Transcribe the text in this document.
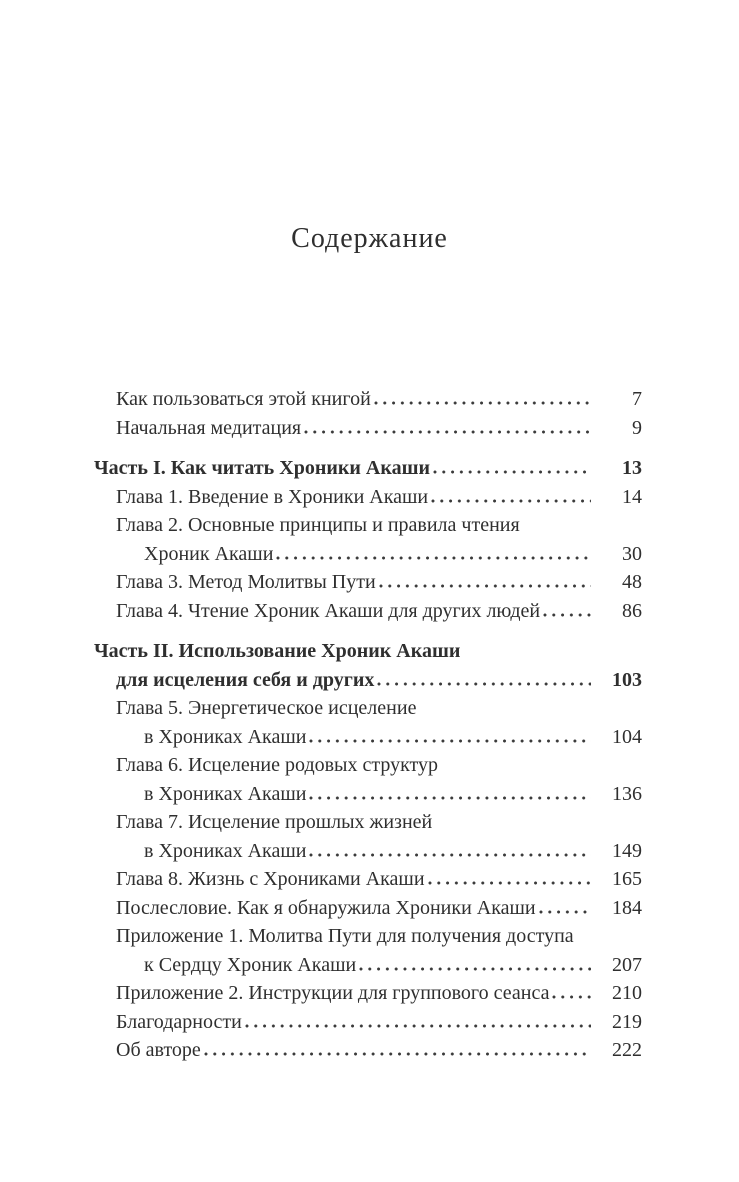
Содержание
Как пользоваться этой книгой	7
Начальная медитация	9
Часть I. Как читать Хроники Акаши	13
Глава 1. Введение в Хроники Акаши	14
Глава 2. Основные принципы и правила чтения
Хроник Акаши	30
Глава 3. Метод Молитвы Пути	48
Глава 4. Чтение Хроник Акаши для других людей	86
Часть II. Использование Хроник Акаши
для исцеления себя и других	103
Глава 5. Энергетическое исцеление
в Хрониках Акаши	104
Глава 6. Исцеление родовых структур
в Хрониках Акаши	136
Глава 7. Исцеление прошлых жизней
в Хрониках Акаши	149
Глава 8. Жизнь с Хрониками Акаши	165
Послесловие. Как я обнаружила Хроники Акаши	184
Приложение 1. Молитва Пути для получения доступа
к Сердцу Хроник Акаши	207
Приложение 2. Инструкции для группового сеанса	210
Благодарности	219
Об авторе	222
